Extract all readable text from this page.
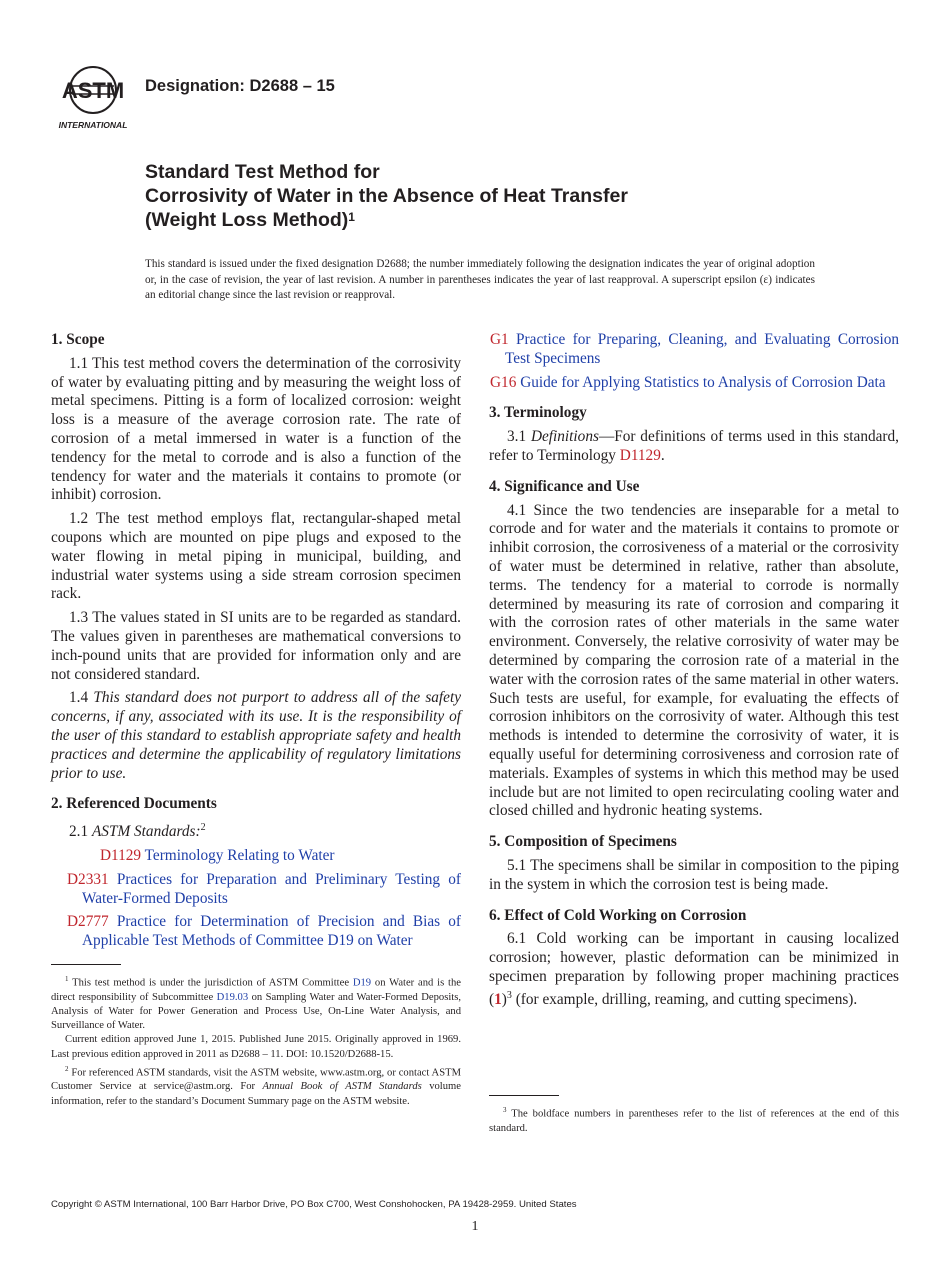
ASTM
INTERNATIONAL

Designation: D2688 – 15

Standard Test Method for
Corrosivity of Water in the Absence of Heat Transfer
(Weight Loss Method)$^1$

This standard is issued under the fixed designation D2688; the number immediately following the designation indicates the year of original adoption or, in the case of revision, the year of last revision. A number in parentheses indicates the year of last reapproval. A superscript epsilon (ε) indicates an editorial change since the last revision or reapproval.

1. Scope

1.1 This test method covers the determination of the corrosivity of water by evaluating pitting and by measuring the weight loss of metal specimens. Pitting is a form of localized corrosion: weight loss is a measure of the average corrosion rate. The rate of corrosion of a metal immersed in water is a function of the tendency for the metal to corrode and is also a function of the tendency for water and the materials it contains to promote (or inhibit) corrosion.

1.2 The test method employs flat, rectangular-shaped metal coupons which are mounted on pipe plugs and exposed to the water flowing in metal piping in municipal, building, and industrial water systems using a side stream corrosion specimen rack.

1.3 The values stated in SI units are to be regarded as standard. The values given in parentheses are mathematical conversions to inch-pound units that are provided for information only and are not considered standard.

1.4 This standard does not purport to address all of the safety concerns, if any, associated with its use. It is the responsibility of the user of this standard to establish appropriate safety and health practices and determine the applicability of regulatory limitations prior to use.

2. Referenced Documents

2.1 ASTM Standards:$^2$

D1129 Terminology Relating to Water

D2331 Practices for Preparation and Preliminary Testing of Water-Formed Deposits

D2777 Practice for Determination of Precision and Bias of Applicable Test Methods of Committee D19 on Water

$^1$ This test method is under the jurisdiction of ASTM Committee D19 on Water and is the direct responsibility of Subcommittee D19.03 on Sampling Water and Water-Formed Deposits, Analysis of Water for Power Generation and Process Use, On-Line Water Analysis, and Surveillance of Water.

Current edition approved June 1, 2015. Published June 2015. Originally approved in 1969. Last previous edition approved in 2011 as D2688 – 11. DOI: 10.1520/D2688-15.

$^2$ For referenced ASTM standards, visit the ASTM website, www.astm.org, or contact ASTM Customer Service at service@astm.org. For Annual Book of ASTM Standards volume information, refer to the standard’s Document Summary page on the ASTM website.

G1 Practice for Preparing, Cleaning, and Evaluating Corrosion Test Specimens

G16 Guide for Applying Statistics to Analysis of Corrosion Data

3. Terminology

3.1 Definitions—For definitions of terms used in this standard, refer to Terminology D1129.

4. Significance and Use

4.1 Since the two tendencies are inseparable for a metal to corrode and for water and the materials it contains to promote or inhibit corrosion, the corrosiveness of a material or the corrosivity of water must be determined in relative, rather than absolute, terms. The tendency for a material to corrode is normally determined by measuring its rate of corrosion and comparing it with the corrosion rates of other materials in the same water environment. Conversely, the relative corrosivity of water may be determined by comparing the corrosion rate of a material in the water with the corrosion rates of the same material in other waters. Such tests are useful, for example, for evaluating the effects of corrosion inhibitors on the corrosivity of water. Although this test methods is intended to determine the corrosivity of water, it is equally useful for determining corrosiveness and corrosion rate of materials. Examples of systems in which this method may be used include but are not limited to open recirculating cooling water and closed chilled and hydronic heating systems.

5. Composition of Specimens

5.1 The specimens shall be similar in composition to the piping in the system in which the corrosion test is being made.

6. Effect of Cold Working on Corrosion

6.1 Cold working can be important in causing localized corrosion; however, plastic deformation can be minimized in specimen preparation by following proper machining practices $(1)^3$ (for example, drilling, reaming, and cutting specimens).

$^3$ The boldface numbers in parentheses refer to the list of references at the end of this standard.

Copyright © ASTM International, 100 Barr Harbor Drive, PO Box C700, West Conshohocken, PA 19428-2959. United States

1
